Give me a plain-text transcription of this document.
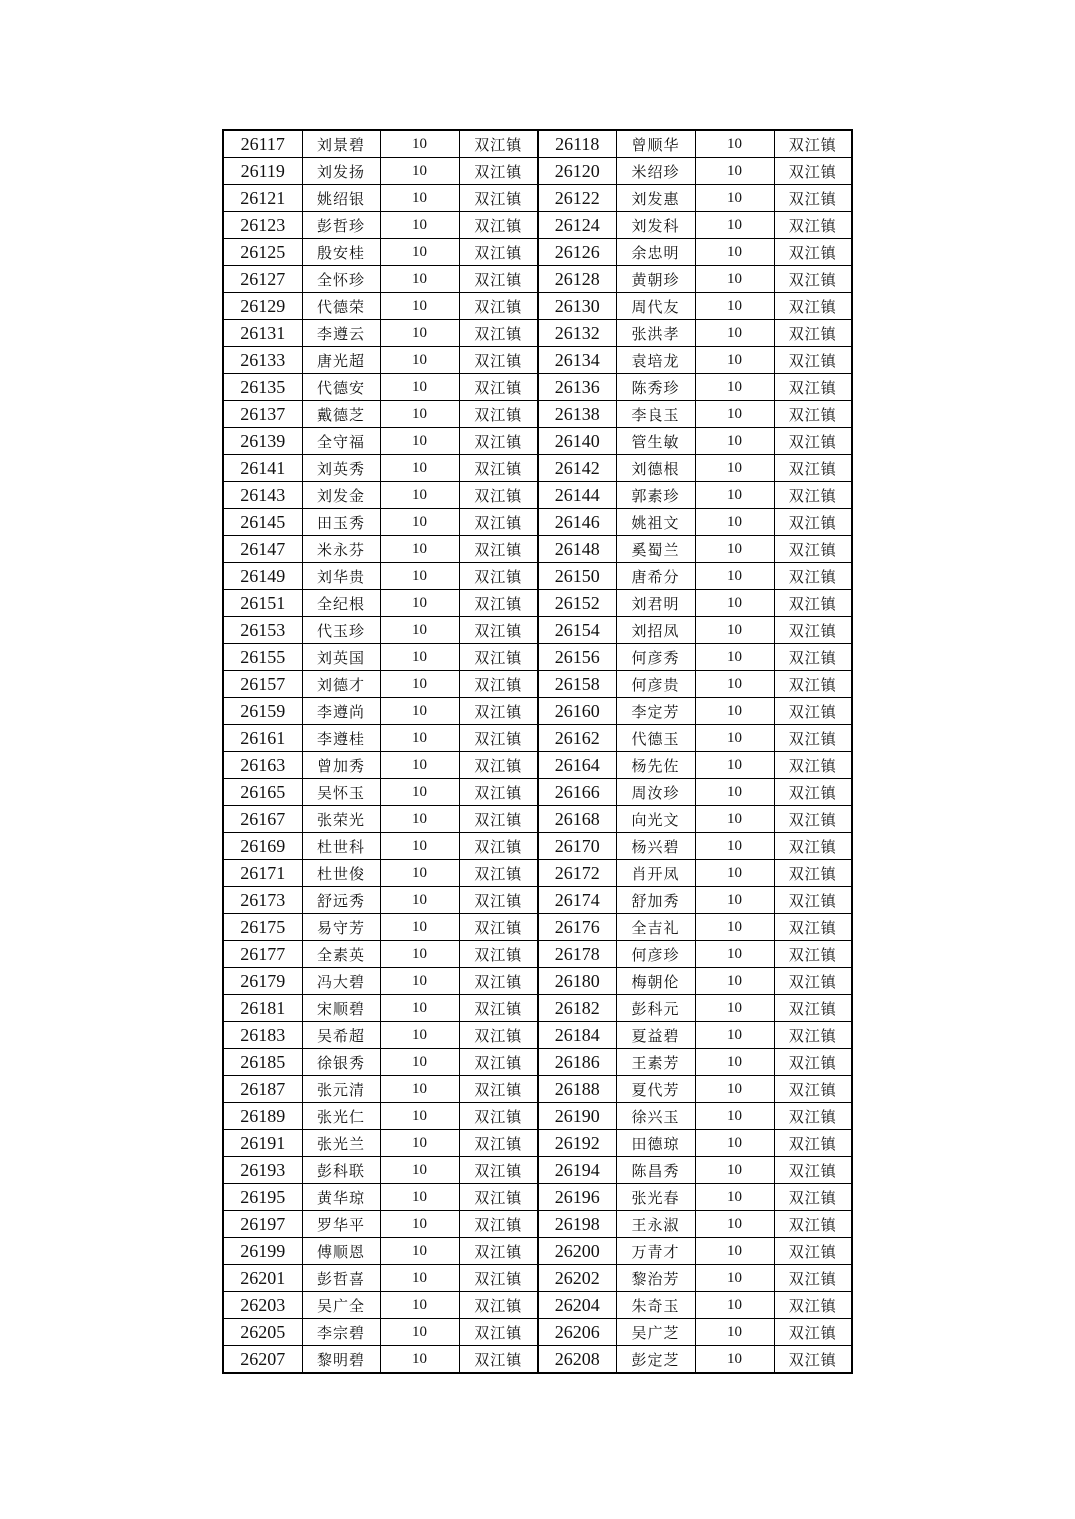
26117	刘景碧	10	双江镇	26118	曾顺华	10	双江镇
26119	刘发扬	10	双江镇	26120	米绍珍	10	双江镇
26121	姚绍银	10	双江镇	26122	刘发惠	10	双江镇
26123	彭哲珍	10	双江镇	26124	刘发科	10	双江镇
26125	殷安桂	10	双江镇	26126	余忠明	10	双江镇
26127	全怀珍	10	双江镇	26128	黄朝珍	10	双江镇
26129	代德荣	10	双江镇	26130	周代友	10	双江镇
26131	李遵云	10	双江镇	26132	张洪孝	10	双江镇
26133	唐光超	10	双江镇	26134	袁培龙	10	双江镇
26135	代德安	10	双江镇	26136	陈秀珍	10	双江镇
26137	戴德芝	10	双江镇	26138	李良玉	10	双江镇
26139	全守福	10	双江镇	26140	管生敏	10	双江镇
26141	刘英秀	10	双江镇	26142	刘德根	10	双江镇
26143	刘发金	10	双江镇	26144	郭素珍	10	双江镇
26145	田玉秀	10	双江镇	26146	姚祖文	10	双江镇
26147	米永芬	10	双江镇	26148	奚蜀兰	10	双江镇
26149	刘华贵	10	双江镇	26150	唐希分	10	双江镇
26151	全纪根	10	双江镇	26152	刘君明	10	双江镇
26153	代玉珍	10	双江镇	26154	刘招凤	10	双江镇
26155	刘英国	10	双江镇	26156	何彦秀	10	双江镇
26157	刘德才	10	双江镇	26158	何彦贵	10	双江镇
26159	李遵尚	10	双江镇	26160	李定芳	10	双江镇
26161	李遵桂	10	双江镇	26162	代德玉	10	双江镇
26163	曾加秀	10	双江镇	26164	杨先佐	10	双江镇
26165	吴怀玉	10	双江镇	26166	周汝珍	10	双江镇
26167	张荣光	10	双江镇	26168	向光文	10	双江镇
26169	杜世科	10	双江镇	26170	杨兴碧	10	双江镇
26171	杜世俊	10	双江镇	26172	肖开凤	10	双江镇
26173	舒远秀	10	双江镇	26174	舒加秀	10	双江镇
26175	易守芳	10	双江镇	26176	全吉礼	10	双江镇
26177	全素英	10	双江镇	26178	何彦珍	10	双江镇
26179	冯大碧	10	双江镇	26180	梅朝伦	10	双江镇
26181	宋顺碧	10	双江镇	26182	彭科元	10	双江镇
26183	吴希超	10	双江镇	26184	夏益碧	10	双江镇
26185	徐银秀	10	双江镇	26186	王素芳	10	双江镇
26187	张元清	10	双江镇	26188	夏代芳	10	双江镇
26189	张光仁	10	双江镇	26190	徐兴玉	10	双江镇
26191	张光兰	10	双江镇	26192	田德琼	10	双江镇
26193	彭科联	10	双江镇	26194	陈昌秀	10	双江镇
26195	黄华琼	10	双江镇	26196	张光春	10	双江镇
26197	罗华平	10	双江镇	26198	王永淑	10	双江镇
26199	傅顺恩	10	双江镇	26200	万青才	10	双江镇
26201	彭哲喜	10	双江镇	26202	黎治芳	10	双江镇
26203	吴广全	10	双江镇	26204	朱奇玉	10	双江镇
26205	李宗碧	10	双江镇	26206	吴广芝	10	双江镇
26207	黎明碧	10	双江镇	26208	彭定芝	10	双江镇
